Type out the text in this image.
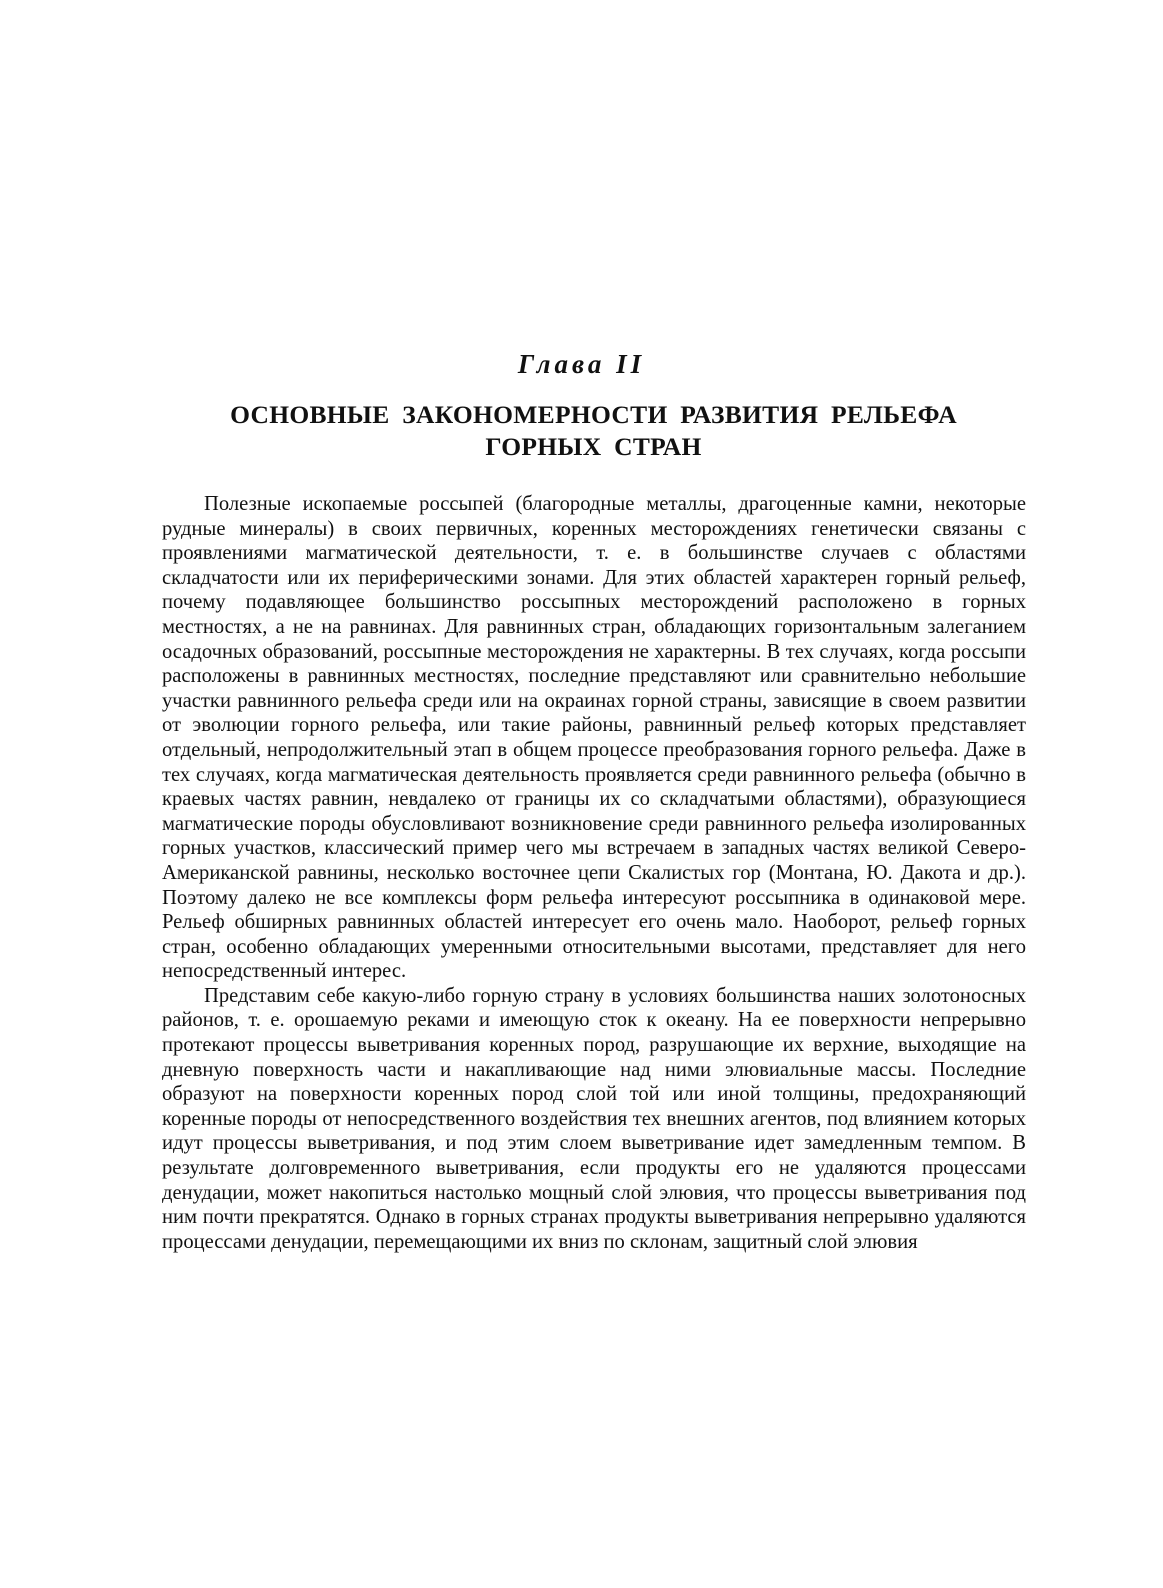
Глава II
ОСНОВНЫЕ ЗАКОНОМЕРНОСТИ РАЗВИТИЯ РЕЛЬЕФА
ГОРНЫХ СТРАН

Полезные ископаемые россыпей (благородные металлы, драгоценные камни, некоторые рудные минералы) в своих первичных, коренных месторождениях генетически связаны с проявлениями магматической деятельности, т. е. в большинстве случаев с областями складчатости или их периферическими зонами. Для этих областей характерен горный рельеф, почему подавляющее большинство россыпных месторождений расположено в горных местностях, а не на равнинах. Для равнинных стран, обладающих горизонтальным залеганием осадочных образований, россыпные месторождения не характерны. В тех случаях, когда россыпи расположены в равнинных местностях, последние представляют или сравнительно небольшие участки равнинного рельефа среди или на окраинах горной страны, зависящие в своем развитии от эволюции горного рельефа, или такие районы, равнинный рельеф которых представляет отдельный, непродолжительный этап в общем процессе преобразования горного рельефа. Даже в тех случаях, когда магматическая деятельность проявляется среди равнинного рельефа (обычно в краевых частях равнин, невдалеко от границы их со складчатыми областями), образующиеся магматические породы обусловливают возникновение среди равнинного рельефа изолированных горных участков, классический пример чего мы встречаем в западных частях великой Северо-Американской равнины, несколько восточнее цепи Скалистых гор (Монтана, Ю. Дакота и др.). Поэтому далеко не все комплексы форм рельефа интересуют россыпника в одинаковой мере. Рельеф обширных равнинных областей интересует его очень мало. Наоборот, рельеф горных стран, особенно обладающих умеренными относительными высотами, представляет для него непосредственный интерес.

Представим себе какую-либо горную страну в условиях большинства наших золотоносных районов, т. е. орошаемую реками и имеющую сток к океану. На ее поверхности непрерывно протекают процессы выветривания коренных пород, разрушающие их верхние, выходящие на дневную поверхность части и накапливающие над ними элювиальные массы. Последние образуют на поверхности коренных пород слой той или иной толщины, предохраняющий коренные породы от непосредственного воздействия тех внешних агентов, под влиянием которых идут процессы выветривания, и под этим слоем выветривание идет замедленным темпом. В результате долговременного выветривания, если продукты его не удаляются процессами денудации, может накопиться настолько мощный слой элювия, что процессы выветривания под ним почти прекратятся. Однако в горных странах продукты выветривания непрерывно удаляются процессами денудации, перемещающими их вниз по склонам, защитный слой элювия
